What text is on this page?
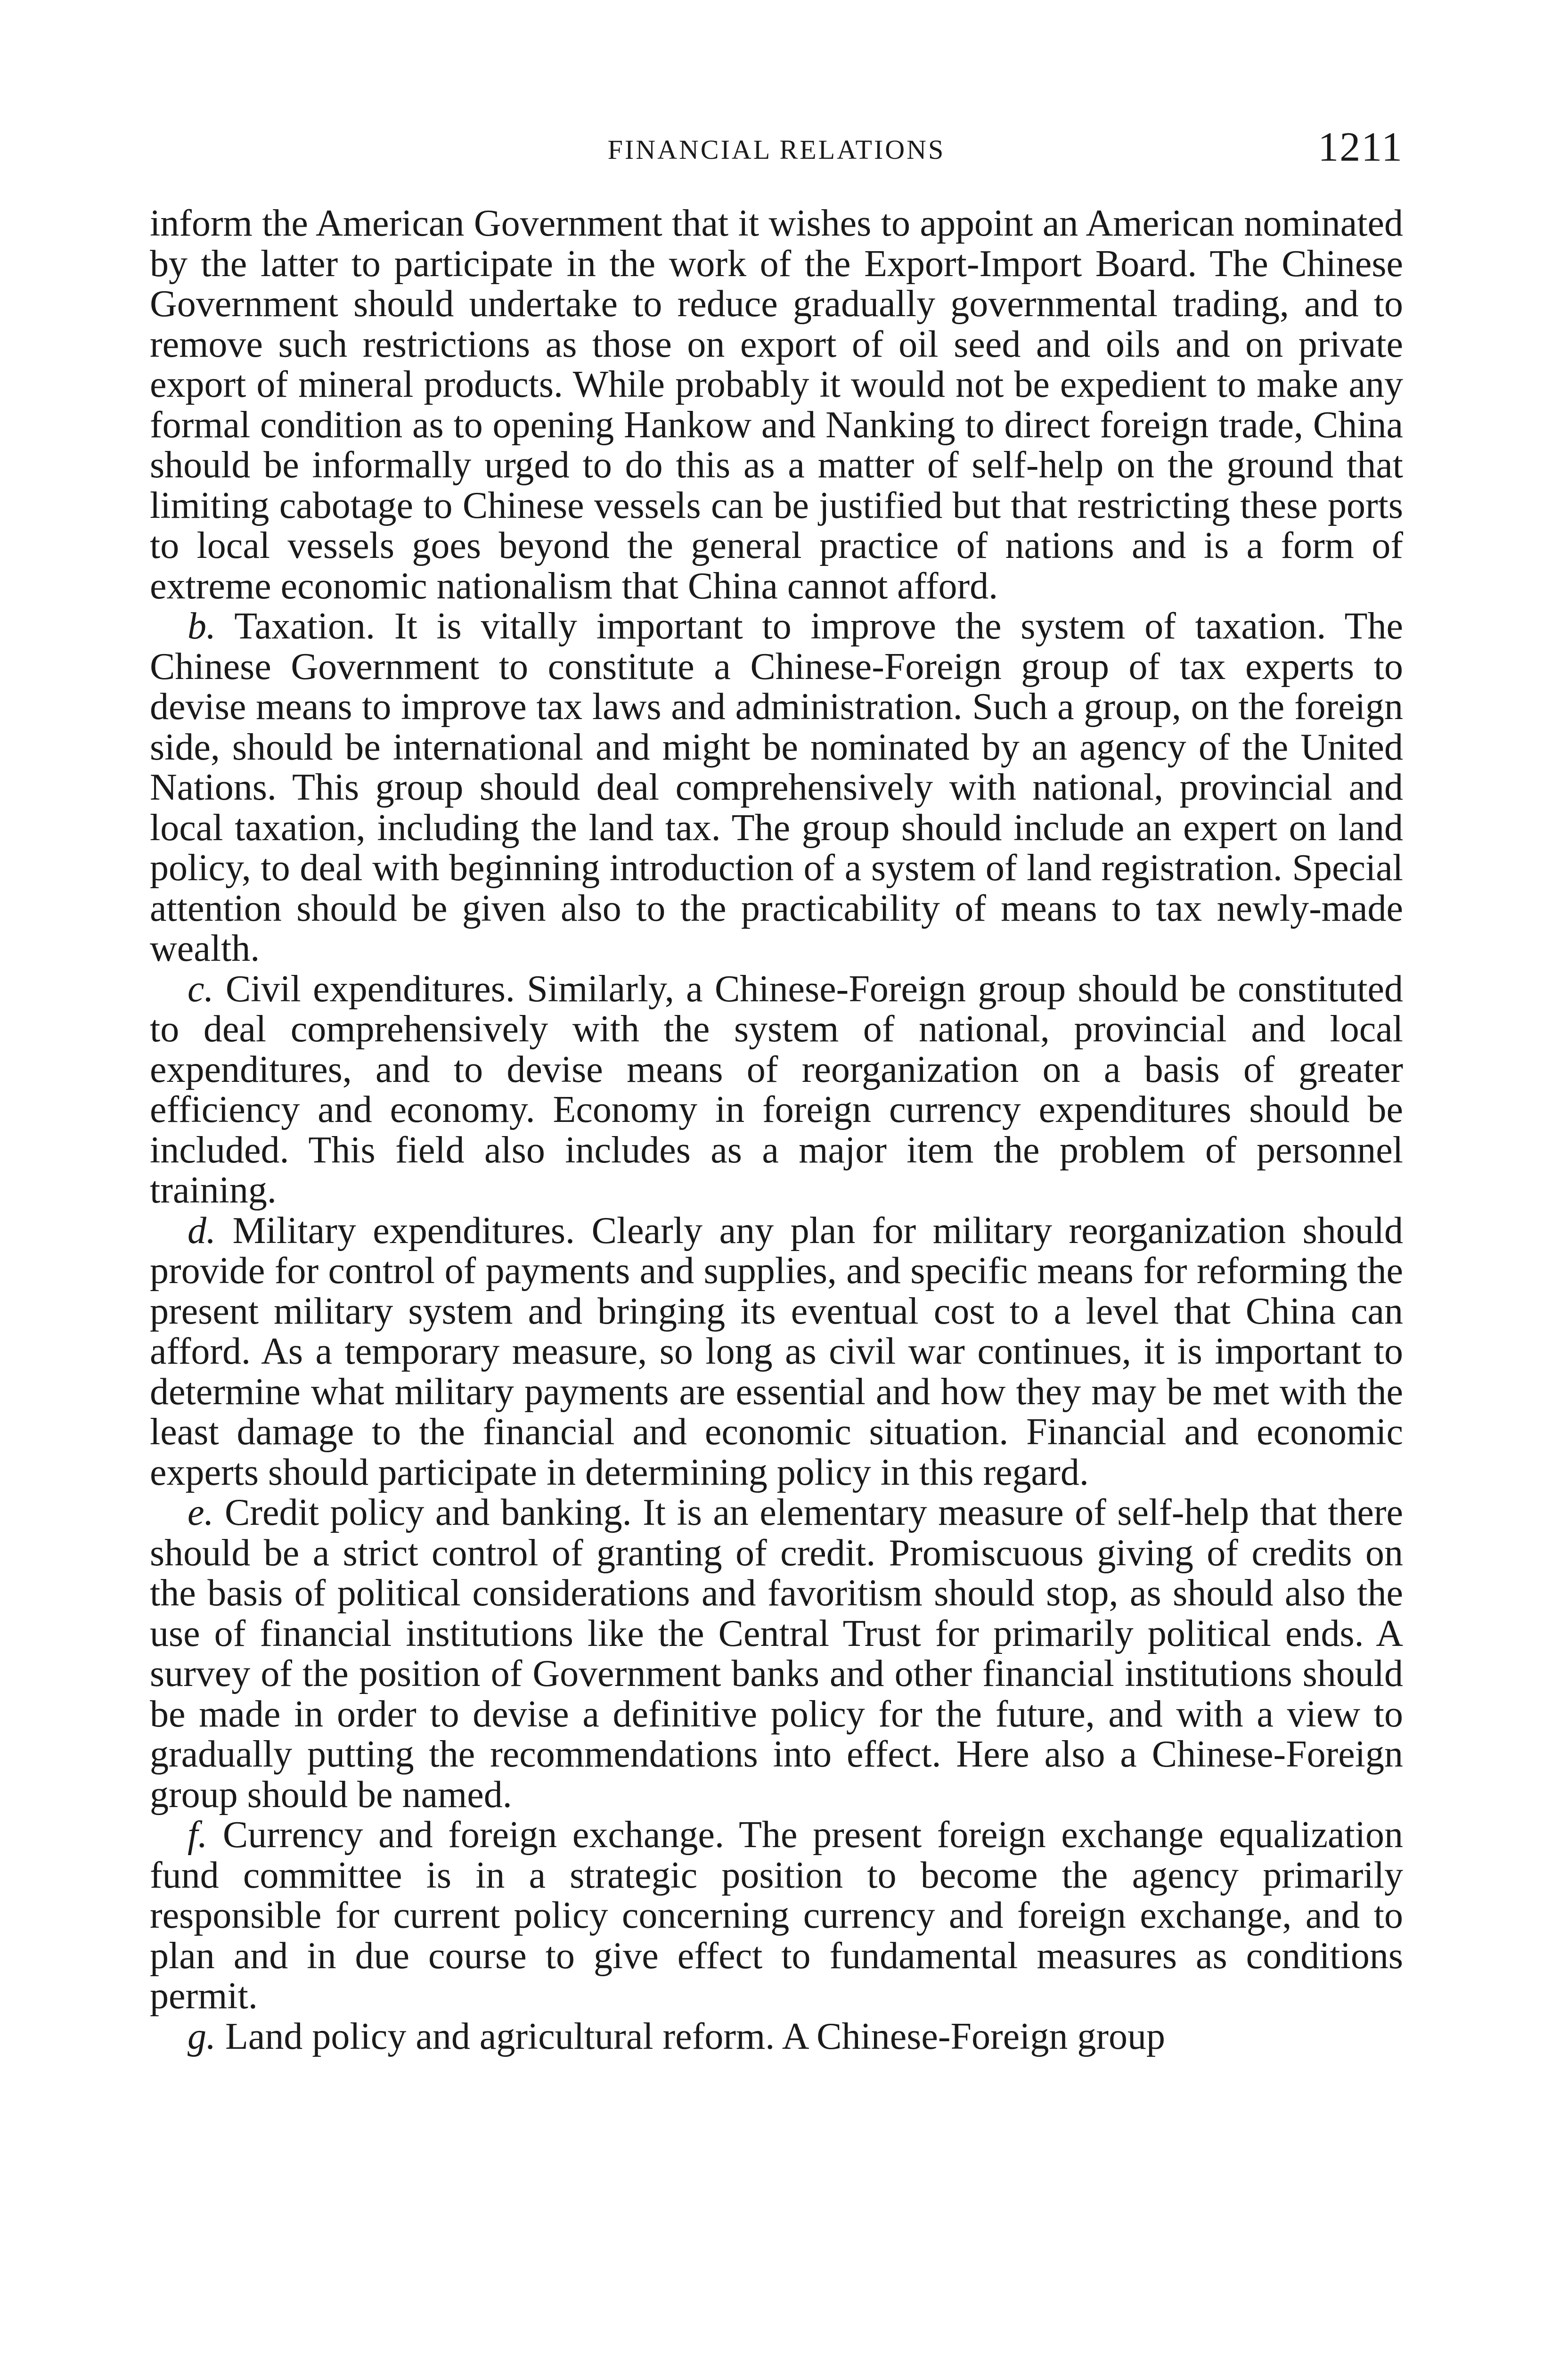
FINANCIAL RELATIONS	1211

inform the American Government that it wishes to appoint an American nominated by the latter to participate in the work of the Export-Import Board. The Chinese Government should undertake to reduce gradually governmental trading, and to remove such restrictions as those on export of oil seed and oils and on private export of mineral products. While probably it would not be expedient to make any formal condition as to opening Hankow and Nanking to direct foreign trade, China should be informally urged to do this as a matter of self-help on the ground that limiting cabotage to Chinese vessels can be justified but that restricting these ports to local vessels goes beyond the general practice of nations and is a form of extreme economic nationalism that China cannot afford.

b. Taxation. It is vitally important to improve the system of taxation. The Chinese Government to constitute a Chinese-Foreign group of tax experts to devise means to improve tax laws and administration. Such a group, on the foreign side, should be international and might be nominated by an agency of the United Nations. This group should deal comprehensively with national, provincial and local taxation, including the land tax. The group should include an expert on land policy, to deal with beginning introduction of a system of land registration. Special attention should be given also to the practicability of means to tax newly-made wealth.

c. Civil expenditures. Similarly, a Chinese-Foreign group should be constituted to deal comprehensively with the system of national, provincial and local expenditures, and to devise means of reorganization on a basis of greater efficiency and economy. Economy in foreign currency expenditures should be included. This field also includes as a major item the problem of personnel training.

d. Military expenditures. Clearly any plan for military reorganization should provide for control of payments and supplies, and specific means for reforming the present military system and bringing its eventual cost to a level that China can afford. As a temporary measure, so long as civil war continues, it is important to determine what military payments are essential and how they may be met with the least damage to the financial and economic situation. Financial and economic experts should participate in determining policy in this regard.

e. Credit policy and banking. It is an elementary measure of self-help that there should be a strict control of granting of credit. Promiscuous giving of credits on the basis of political considerations and favoritism should stop, as should also the use of financial institutions like the Central Trust for primarily political ends. A survey of the position of Government banks and other financial institutions should be made in order to devise a definitive policy for the future, and with a view to gradually putting the recommendations into effect. Here also a Chinese-Foreign group should be named.

f. Currency and foreign exchange. The present foreign exchange equalization fund committee is in a strategic position to become the agency primarily responsible for current policy concerning currency and foreign exchange, and to plan and in due course to give effect to fundamental measures as conditions permit.

g. Land policy and agricultural reform. A Chinese-Foreign group
